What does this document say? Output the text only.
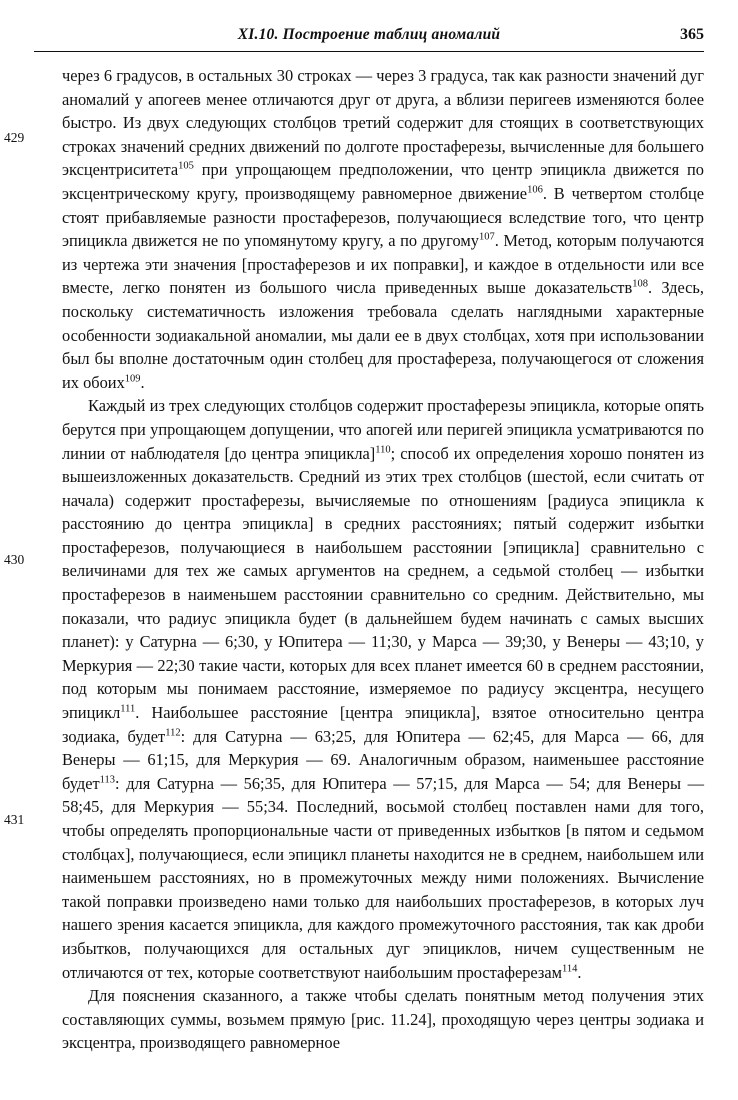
XI.10. Построение таблиц аномалий	365
429
430
431

через 6 градусов, в остальных 30 строках — через 3 градуса, так как разности значений дуг аномалий у апогеев менее отличаются друг от друга, а вблизи перигеев изменяются более быстро. Из двух следующих столбцов третий содержит для стоящих в соответствующих строках значений средних движений по долготе простаферезы, вычисленные для большего эксцентриситета$^{105}$ при упрощающем предположении, что центр эпицикла движется по эксцентрическому кругу, производящему равномерное движение$^{106}$. В четвертом столбце стоят прибавляемые разности простаферезов, получающиеся вследствие того, что центр эпицикла движется не по упомянутому кругу, а по другому$^{107}$. Метод, которым получаются из чертежа эти значения [простаферезов и их поправки], и каждое в отдельности или все вместе, легко понятен из большого числа приведенных выше доказательств$^{108}$. Здесь, поскольку систематичность изложения требовала сделать наглядными характерные особенности зодиакальной аномалии, мы дали ее в двух столбцах, хотя при использовании был бы вполне достаточным один столбец для простафереза, получающегося от сложения их обоих$^{109}$.

Каждый из трех следующих столбцов содержит простаферезы эпицикла, которые опять берутся при упрощающем допущении, что апогей или перигей эпицикла усматриваются по линии от наблюдателя [до центра эпицикла]$^{110}$; способ их определения хорошо понятен из вышеизложенных доказательств. Средний из этих трех столбцов (шестой, если считать от начала) содержит простаферезы, вычисляемые по отношениям [радиуса эпицикла к расстоянию до центра эпицикла] в средних расстояниях; пятый содержит избытки простаферезов, получающиеся в наибольшем расстоянии [эпицикла] сравнительно с величинами для тех же самых аргументов на среднем, а седьмой столбец — избытки простаферезов в наименьшем расстоянии сравнительно со средним. Действительно, мы показали, что радиус эпицикла будет (в дальнейшем будем начинать с самых высших планет): у Сатурна — 6;30, у Юпитера — 11;30, у Марса — 39;30, у Венеры — 43;10, у Меркурия — 22;30 такие части, которых для всех планет имеется 60 в среднем расстоянии, под которым мы понимаем расстояние, измеряемое по радиусу эксцентра, несущего эпицикл$^{111}$. Наибольшее расстояние [центра эпицикла], взятое относительно центра зодиака, будет$^{112}$: для Сатурна — 63;25, для Юпитера — 62;45, для Марса — 66, для Венеры — 61;15, для Меркурия — 69. Аналогичным образом, наименьшее расстояние будет$^{113}$: для Сатурна — 56;35, для Юпитера — 57;15, для Марса — 54; для Венеры — 58;45, для Меркурия — 55;34. Последний, восьмой столбец поставлен нами для того, чтобы определять пропорциональные части от приведенных избытков [в пятом и седьмом столбцах], получающиеся, если эпицикл планеты находится не в среднем, наибольшем или наименьшем расстояниях, но в промежуточных между ними положениях. Вычисление такой поправки произведено нами только для наибольших простаферезов, в которых луч нашего зрения касается эпицикла, для каждого промежуточного расстояния, так как дроби избытков, получающихся для остальных дуг эпициклов, ничем существенным не отличаются от тех, которые соответствуют наибольшим простаферезам$^{114}$.

Для пояснения сказанного, а также чтобы сделать понятным метод получения этих составляющих суммы, возьмем прямую [рис. 11.24], проходящую через центры зодиака и эксцентра, производящего равномерное
